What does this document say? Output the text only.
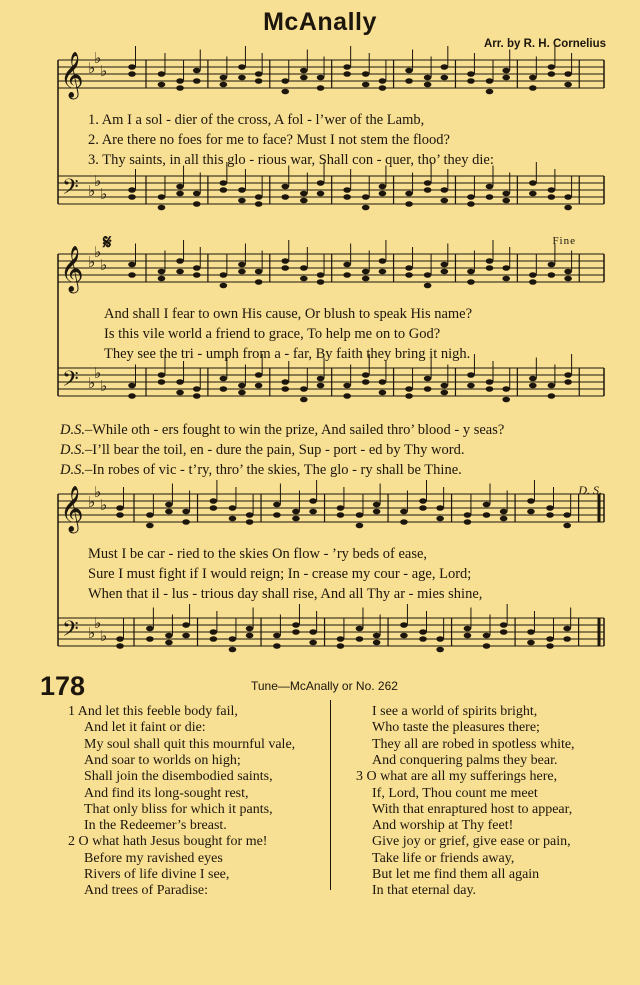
McAnally
Arr. by R. H. Cornelius
𝄞
𝄢
♭
♭
♭
♭
♭
♭
𝄞
𝄢
♭
♭
♭
♭
♭
♭
𝄞
𝄢
♭
♭
♭
♭
♭
♭
𝄋	Fine
D. S.
1. Am I a sol - dier of the cross, A fol - l’wer of the Lamb,
2. Are there no foes for me to face? Must I not stem the flood?
3. Thy saints, in all this glo - rious war, Shall con - quer, tho’ they die:
And shall I fear to own His cause, Or blush to speak His name?
Is this vile world a friend to grace, To help me on to God?
They see the tri - umph from a - far, By faith they bring it nigh.
D.S.–While oth - ers fought to win the prize, And sailed thro’ blood - y seas?
D.S.–I’ll bear the toil, en - dure the pain, Sup - port - ed by Thy word.
D.S.–In robes of vic - t’ry, thro’ the skies, The glo - ry shall be Thine.
Must I be car - ried to the skies On flow - ’ry beds of ease,
Sure I must fight if I would reign; In - crease my cour - age, Lord;
When that il - lus - trious day shall rise, And all Thy ar - mies shine,
178	Tune—McAnally or No. 262
1 And let this feeble body fail,
And let it faint or die:
My soul shall quit this mournful vale,
And soar to worlds on high;
Shall join the disembodied saints,
And find its long-sought rest,
That only bliss for which it pants,
In the Redeemer’s breast.
2 O what hath Jesus bought for me!
Before my ravished eyes
Rivers of life divine I see,
And trees of Paradise:
I see a world of spirits bright,
Who taste the pleasures there;
They all are robed in spotless white,
And conquering palms they bear.
3 O what are all my sufferings here,
If, Lord, Thou count me meet
With that enraptured host to appear,
And worship at Thy feet!
Give joy or grief, give ease or pain,
Take life or friends away,
But let me find them all again
In that eternal day.
